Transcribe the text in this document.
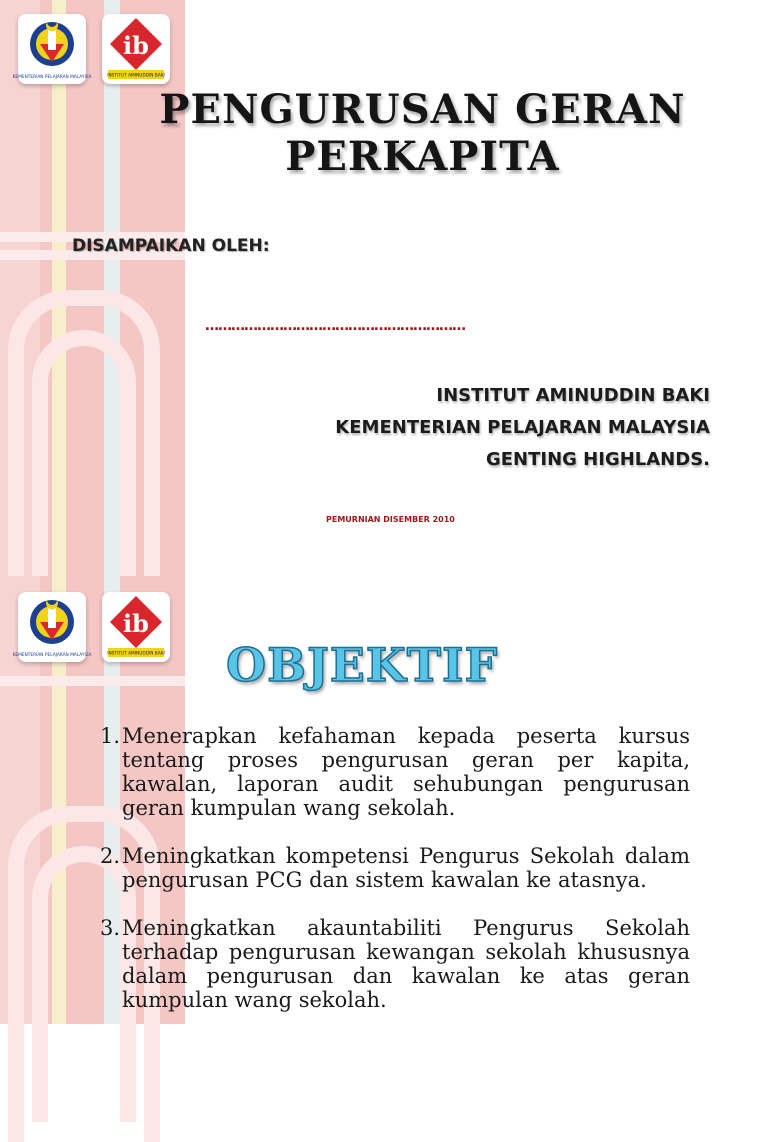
KEMENTERIAN PELAJARAN MALAYSIA
ib
INSTITUT AMINUDDIN BAKI
PENGURUSAN GERAN
PERKAPITA

DISAMPAIKAN OLEH:

……………………………………………………

INSTITUT AMINUDDIN BAKI
KEMENTERIAN PELAJARAN MALAYSIA
GENTING HIGHLANDS.

PEMURNIAN DISEMBER 2010

KEMENTERIAN PELAJARAN MALAYSIA
ib
INSTITUT AMINUDDIN BAKI OBJEKTIF
1. Menerapkan kefahaman kepada peserta kursus tentang proses pengurusan geran per kapita, kawalan, laporan audit sehubungan pengurusan geran kumpulan wang sekolah.
2. Meningkatkan kompetensi Pengurus Sekolah dalam pengurusan PCG dan sistem kawalan ke atasnya.
3. Meningkatkan akauntabiliti Pengurus Sekolah terhadap pengurusan kewangan sekolah khususnya dalam pengurusan dan kawalan ke atas geran kumpulan wang sekolah.
